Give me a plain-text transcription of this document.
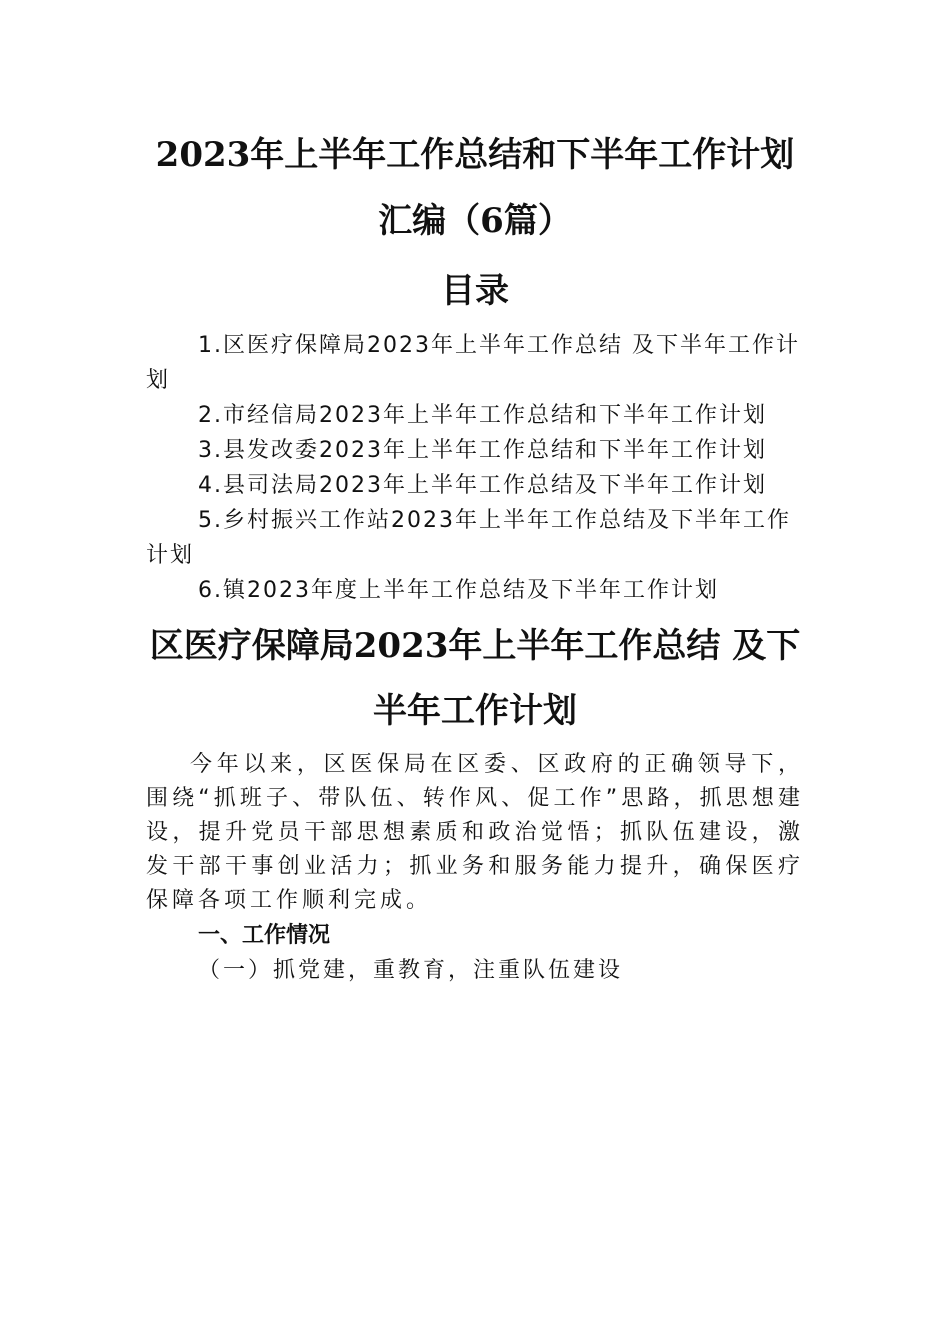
2023年上半年工作总结和下半年工作计划
汇编（6篇）
目录
1.区医疗保障局2023年上半年工作总结 及下半年工作计划
2.市经信局2023年上半年工作总结和下半年工作计划
3.县发改委2023年上半年工作总结和下半年工作计划
4.县司法局2023年上半年工作总结及下半年工作计划
5.乡村振兴工作站2023年上半年工作总结及下半年工作计划
6.镇2023年度上半年工作总结及下半年工作计划
区医疗保障局2023年上半年工作总结 及下
半年工作计划

今年以来，区医保局在区委、区政府的正确领导下，围绕“抓班子、带队伍、转作风、促工作”思路，抓思想建设，提升党员干部思想素质和政治觉悟；抓队伍建设，激发干部干事创业活力；抓业务和服务能力提升，确保医疗保障各项工作顺利完成。

一、工作情况

（一）抓党建，重教育，注重队伍建设
